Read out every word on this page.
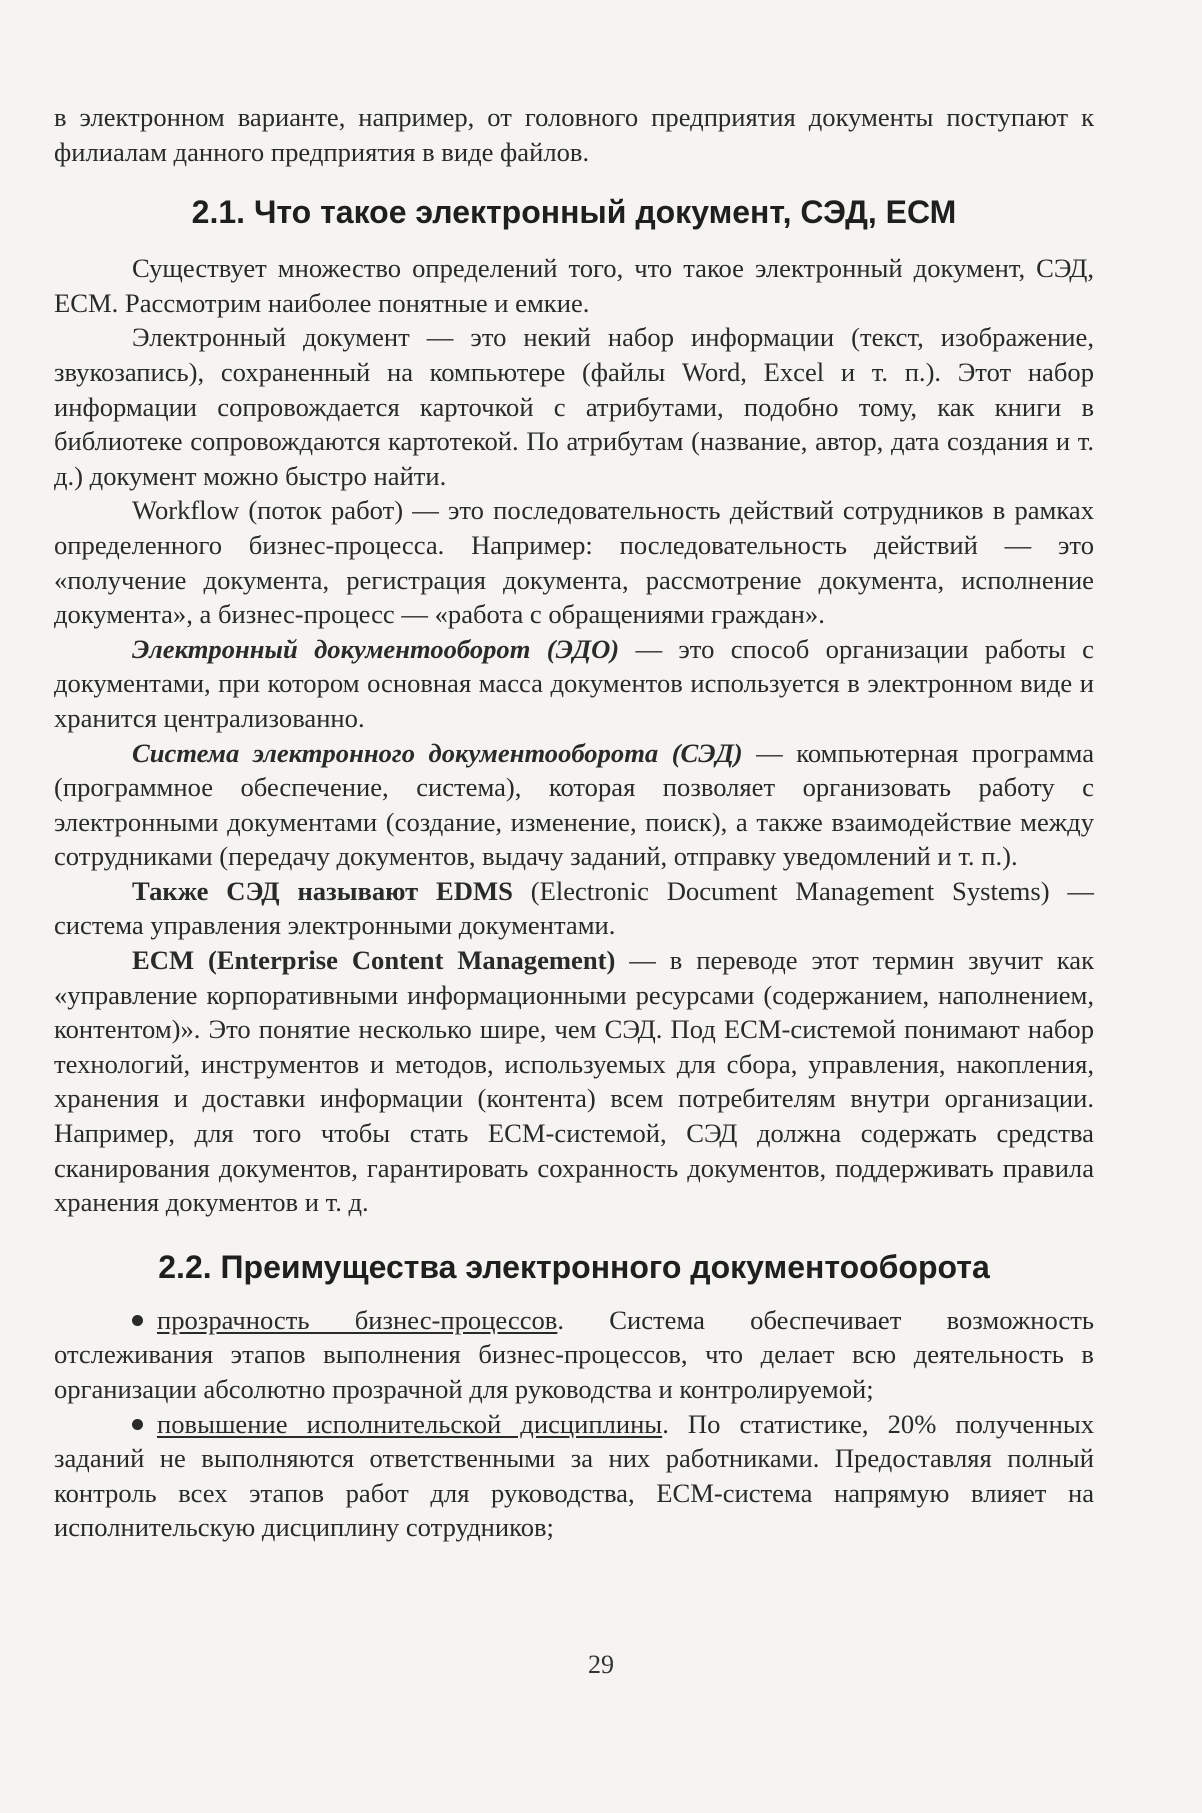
в электронном варианте, например, от головного предприятия документы поступают к филиалам данного предприятия в виде файлов.

2.1. Что такое электронный документ, СЭД, ЕСМ

Существует множество определений того, что такое электронный документ, СЭД, ЕСМ. Рассмотрим наиболее понятные и емкие.

Электронный документ — это некий набор информации (текст, изображение, звукозапись), сохраненный на компьютере (файлы Word, Excel и т. п.). Этот набор информации сопровождается карточкой с атрибутами, подобно тому, как книги в библиотеке сопровождаются картотекой. По атрибутам (название, автор, дата создания и т. д.) документ можно быстро найти.

Workflow (поток работ) — это последовательность действий сотрудников в рамках определенного бизнес-процесса. Например: последовательность действий — это «получение документа, регистрация документа, рассмотрение документа, исполнение документа», а бизнес-процесс — «работа с обращениями граждан».

Электронный документооборот (ЭДО) — это способ организации работы с документами, при котором основная масса документов используется в электронном виде и хранится централизованно.

Система электронного документооборота (СЭД) — компьютерная программа (программное обеспечение, система), которая позволяет организовать работу с электронными документами (создание, изменение, поиск), а также взаимодействие между сотрудниками (передачу документов, выдачу заданий, отправку уведомлений и т. п.).

Также СЭД называют EDMS (Electronic Document Management Systems) — система управления электронными документами.

ECM (Enterprise Content Management) — в переводе этот термин звучит как «управление корпоративными информационными ресурсами (содержанием, наполнением, контентом)». Это понятие несколько шире, чем СЭД. Под ЕСМ-системой понимают набор технологий, инструментов и методов, используемых для сбора, управления, накопления, хранения и доставки информации (контента) всем потребителям внутри организации. Например, для того чтобы стать ЕСМ-системой, СЭД должна содержать средства сканирования документов, гарантировать сохранность документов, поддерживать правила хранения документов и т. д.

2.2. Преимущества электронного документооборота

прозрачность бизнес-процессов. Система обеспечивает возможность отслеживания этапов выполнения бизнес-процессов, что делает всю деятельность в организации абсолютно прозрачной для руководства и контролируемой;

повышение исполнительской дисциплины. По статистике, 20% полученных заданий не выполняются ответственными за них работниками. Предоставляя полный контроль всех этапов работ для руководства, ЕСМ-система напрямую влияет на исполнительскую дисциплину сотрудников;

29
